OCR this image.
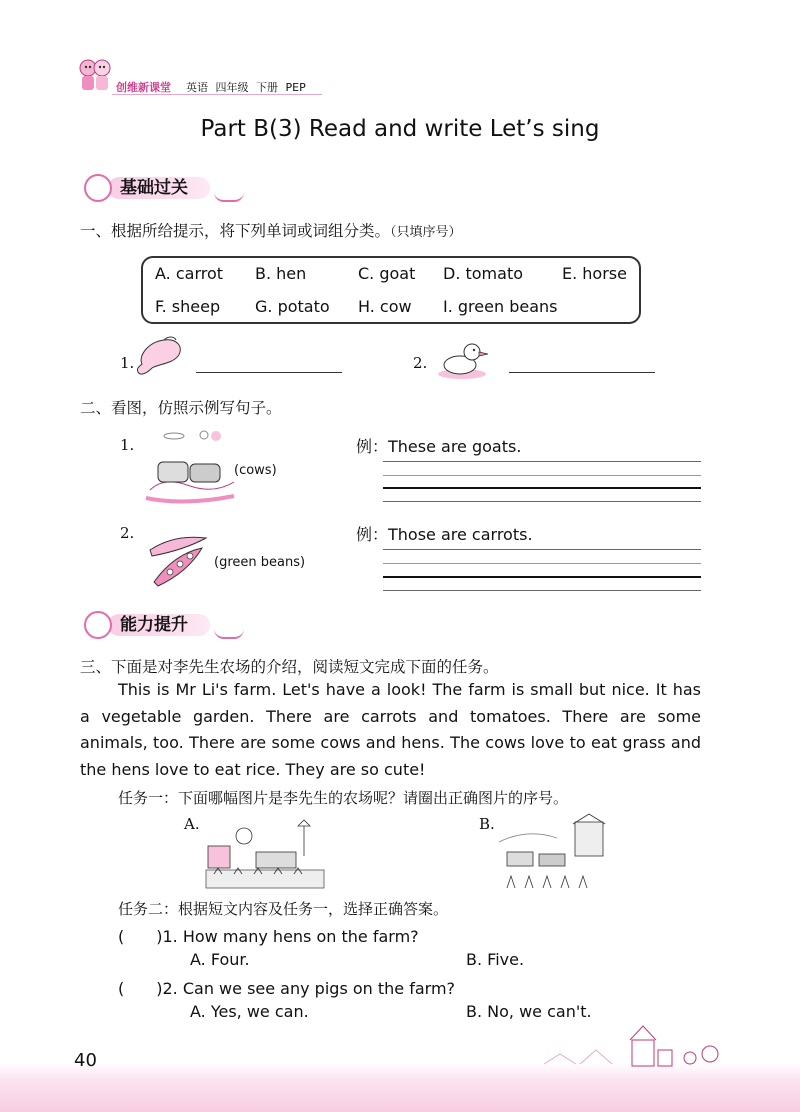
创维新课堂 英语 四年级 下册 PEP
Part B(3) Read and write Let’s sing
基础过关
一、根据所给提示，将下列单词或词组分类。（只填序号）
A. carrot B. hen	C. goat D. tomato E. horse
F. sheep G. potato H. cow I. green beans
1.	2.
二、看图，仿照示例写句子。
1.
(cows)
例：These are goats.
2.
(green beans)
例：Those are carrots.
能力提升
三、下面是对李先生农场的介绍，阅读短文完成下面的任务。

This is Mr Li's farm. Let's have a look! The farm is small but nice. It has a vegetable garden. There are carrots and tomatoes. There are some animals, too. There are some cows and hens. The cows love to eat grass and the hens love to eat rice. They are so cute!

任务一：下面哪幅图片是李先生的农场呢？请圈出正确图片的序号。
A.	B.
任务二：根据短文内容及任务一，选择正确答案。
(　　)1. How many hens on the farm?
A. Four.	B. Five.
(　　)2. Can we see any pigs on the farm?
A. Yes, we can.	B. No, we can't.
40
